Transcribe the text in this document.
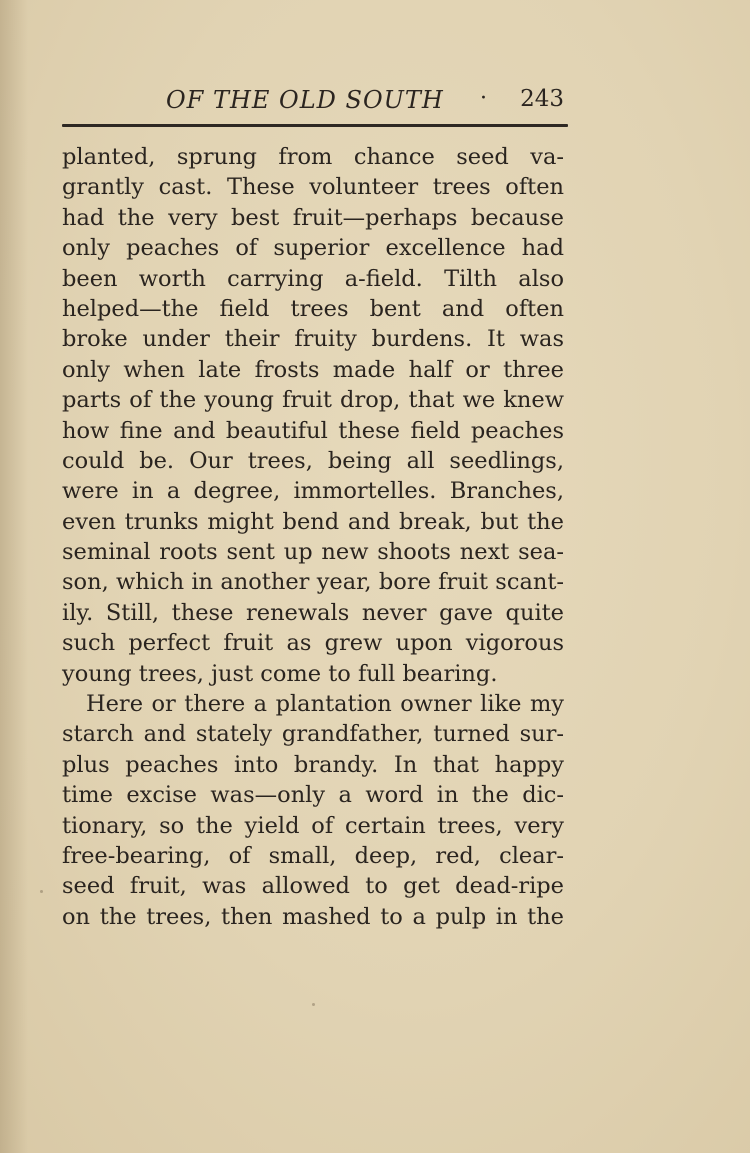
OF THE OLD SOUTH · 243
planted, sprung from chance seed va-
grantly cast. These volunteer trees often
had the very best fruit—perhaps because
only peaches of superior excellence had
been worth carrying a-field. Tilth also
helped—the field trees bent and often
broke under their fruity burdens. It was
only when late frosts made half or three
parts of the young fruit drop, that we knew
how fine and beautiful these field peaches
could be. Our trees, being all seedlings,
were in a degree, immortelles. Branches,
even trunks might bend and break, but the
seminal roots sent up new shoots next sea-
son, which in another year, bore fruit scant-
ily. Still, these renewals never gave quite
such perfect fruit as grew upon vigorous
young trees, just come to full bearing.
Here or there a plantation owner like my
starch and stately grandfather, turned sur-
plus peaches into brandy. In that happy
time excise was—only a word in the dic-
tionary, so the yield of certain trees, very
free-bearing, of small, deep, red, clear-
seed fruit, was allowed to get dead-ripe
on the trees, then mashed to a pulp in the
